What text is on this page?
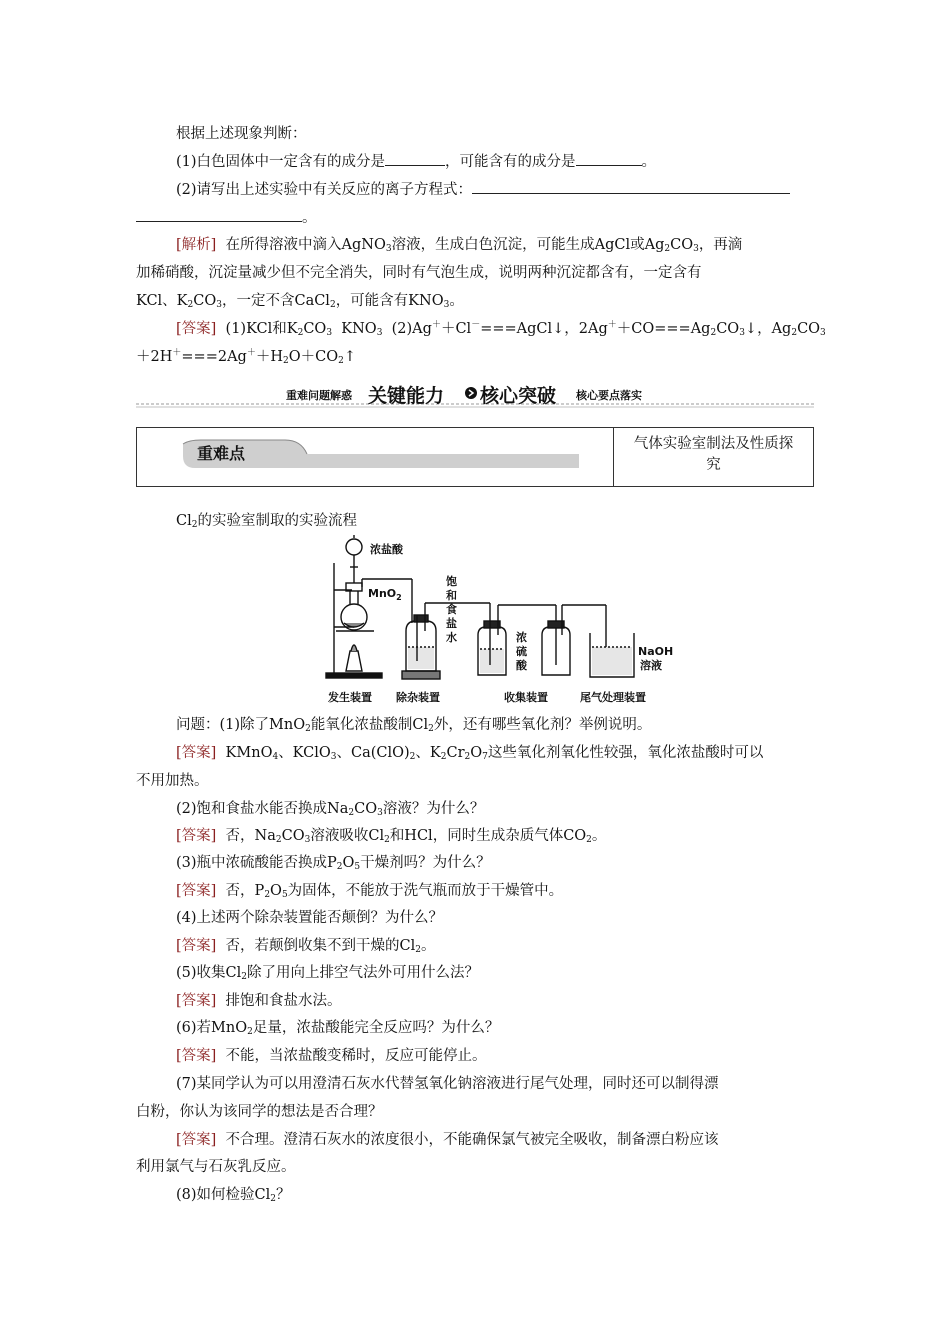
根据上述现象判断：
(1)白色固体中一定含有的成分是	，可能含有的成分是	。
(2)请写出上述实验中有关反应的离子方程式：
。
[解析] 在所得溶液中滴入AgNO$_3$溶液，生成白色沉淀，可能生成AgCl或$Ag_2CO_3$，再滴
加稀硝酸，沉淀量减少但不完全消失，同时有气泡生成，说明两种沉淀都含有，一定含有
KCl、$K_2CO_3$，一定不含CaCl$_2$，可能含有$KNO_3$。
[答案] (1)KCl和$K_2CO_3$ $KNO_3$ (2)Ag＋＋Cl－===AgCl↓，$2Ag^++CO===Ag_2CO_3↓$，$Ag_2CO_3$
$+2H^+===2Ag^++H_2O+CO_2↑$
重难问题解惑 关键能力 核心突破 核心要点落实
重难点	气体实验室制法及性质探
究
$Cl_2$的实验室制取的实验流程
浓盐酸
MnO$_2$
饱
和
食
盐
水	浓
硫
酸
NaOH
溶液
发生装置 除杂装置	收集装置	尾气处理装置
问题：(1)除了MnO$_2$能氧化浓盐酸制$Cl_2$外，还有哪些氧化剂？举例说明。
[答案] KMnO$_4$、KClO$_3$、$Ca(ClO)_2$、$K_2Cr_2O_7$这些氧化剂氧化性较强，氧化浓盐酸时可以
不用加热。
(2)饱和食盐水能否换成$Na_2CO_3$溶液？为什么？
[答案] 否，$Na_2CO_3$溶液吸收$Cl_2$和HCl，同时生成杂质气体$CO_2$。
(3)瓶中浓硫酸能否换成$P_2O_5$干燥剂吗？为什么？
[答案] 否，$P_2O_5$为固体，不能放于洗气瓶而放于干燥管中。
(4)上述两个除杂装置能否颠倒？为什么？
[答案] 否，若颠倒收集不到干燥的$Cl_2$。
(5)收集$Cl_2$除了用向上排空气法外可用什么法？
[答案] 排饱和食盐水法。
(6)若MnO$_2$足量，浓盐酸能完全反应吗？为什么？
[答案] 不能，当浓盐酸变稀时，反应可能停止。
(7)某同学认为可以用澄清石灰水代替氢氧化钠溶液进行尾气处理，同时还可以制得漂
白粉，你认为该同学的想法是否合理？
[答案] 不合理。澄清石灰水的浓度很小，不能确保氯气被完全吸收，制备漂白粉应该
利用氯气与石灰乳反应。
(8)如何检验$Cl_2$？
